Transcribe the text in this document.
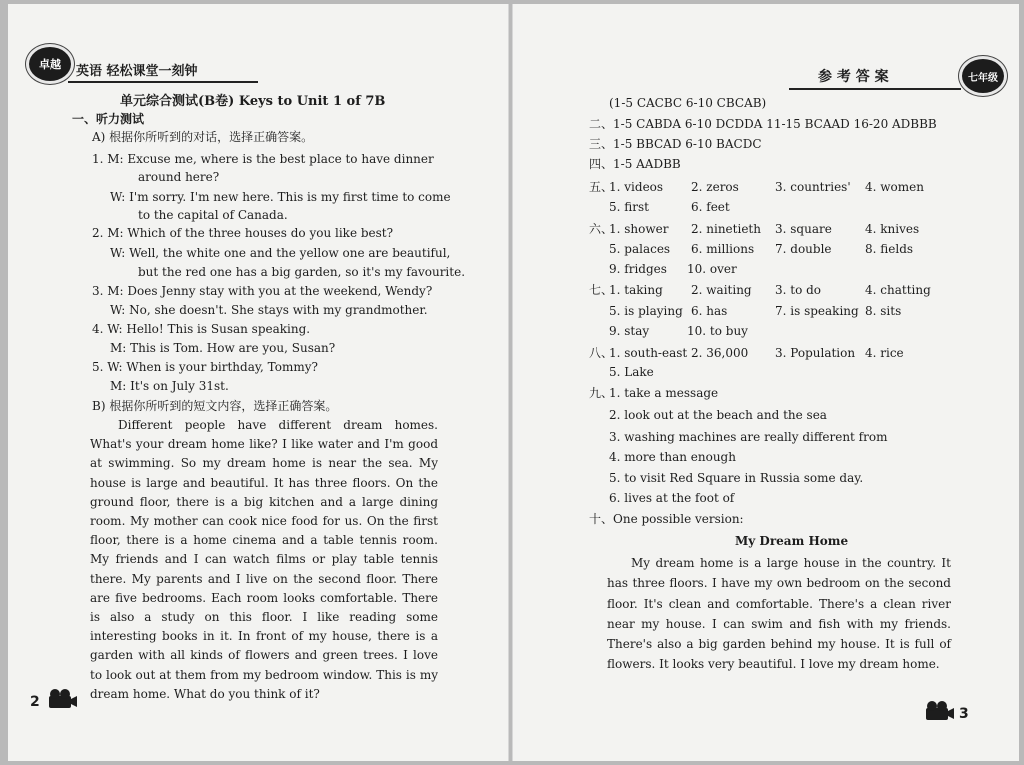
卓越	英语 轻松课堂一刻钟
单元综合测试(B卷) Keys to Unit 1 of 7B
一、听力测试
A) 根据你所听到的对话，选择正确答案。
1. M: Excuse me, where is the best place to have dinner
around here?
W: I'm sorry. I'm new here. This is my first time to come
to the capital of Canada.
2. M: Which of the three houses do you like best?
W: Well, the white one and the yellow one are beautiful,
but the red one has a big garden, so it's my favourite.
3. M: Does Jenny stay with you at the weekend, Wendy?
W: No, she doesn't. She stays with my grandmother.
4. W: Hello! This is Susan speaking.
M: This is Tom. How are you, Susan?
5. W: When is your birthday, Tommy?
M: It's on July 31st.
B) 根据你所听到的短文内容，选择正确答案。
Different people have different dream homes. What's your dream home like? I like water and I'm good at swimming. So my dream home is near the sea. My house is large and beautiful. It has three floors. On the ground floor, there is a big kitchen and a large dining room. My mother can cook nice food for us. On the first floor, there is a home cinema and a table tennis room. My friends and I can watch films or play table tennis there. My parents and I live on the second floor. There are five bedrooms. Each room looks comfortable. There is also a study on this floor. I like reading some interesting books in it. In front of my house, there is a garden with all kinds of flowers and green trees. I love to look out at them from my bedroom window. This is my dream home. What do you think of it?
2
参 考 答 案	七年级
(1-5 CACBC 6-10 CBCAB)
二、1-5 CABDA 6-10 DCDDA 11-15 BCAAD 16-20 ADBBB
三、1-5 BBCAD 6-10 BACDC
四、1-5 AADBB
五、
1. videos 2. zeros	3. countries' 4. women
5. first	6. feet
六、
1. shower 2. ninetieth 3. square	4. knives
5. palaces 6. millions 7. double	8. fields
9. fridges 10. over
七、
1. taking 2. waiting 3. to do	4. chatting
5. is playing 6. has	7. is speaking 8. sits
9. stay	10. to buy
八、
1. south-east 2. 36,000 3. Population 4. rice
5. Lake
九、
1. take a message
2. look out at the beach and the sea
3. washing machines are really different from
4. more than enough
5. to visit Red Square in Russia some day.
6. lives at the foot of
十、One possible version:
My Dream Home
My dream home is a large house in the country. It has three floors. I have my own bedroom on the second floor. It's clean and comfortable. There's a clean river near my house. I can swim and fish with my friends. There's also a big garden behind my house. It is full of flowers. It looks very beautiful. I love my dream home.
3
